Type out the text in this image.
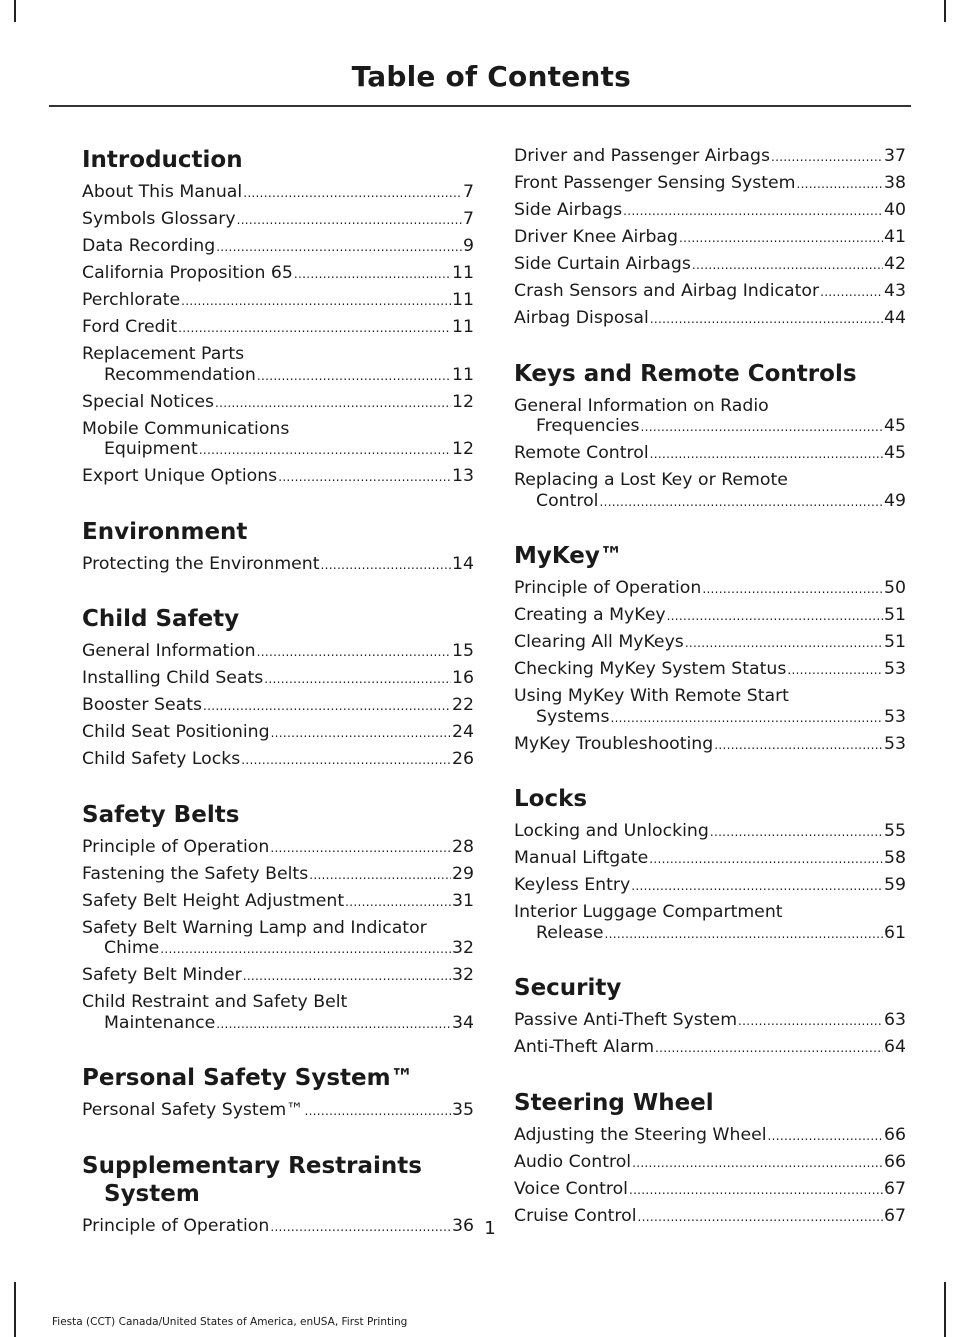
Table of Contents
Introduction
About This Manual .....	7
Symbols Glossary .....	7
Data Recording .....	9
California Proposition 65 .....	11
Perchlorate .....	11
Ford Credit .....	11
Replacement Parts
Recommendation .....	11
Special Notices .....	12
Mobile Communications
Equipment .....	12
Export Unique Options .....	13
Environment
Protecting the Environment .....	14
Child Safety
General Information .....	15
Installing Child Seats .....	16
Booster Seats .....	22
Child Seat Positioning .....	24
Child Safety Locks .....	26
Safety Belts
Principle of Operation .....	28
Fastening the Safety Belts .....	29
Safety Belt Height Adjustment .....	31
Safety Belt Warning Lamp and Indicator
Chime .....	32
Safety Belt Minder .....	32
Child Restraint and Safety Belt
Maintenance .....	34
Personal Safety System™
Personal Safety System™ .....	35
Supplementary Restraints
System
Principle of Operation .....	36
Driver and Passenger Airbags .....	37
Front Passenger Sensing System .....	38
Side Airbags .....	40
Driver Knee Airbag .....	41
Side Curtain Airbags .....	42
Crash Sensors and Airbag Indicator .....	43
Airbag Disposal .....	44
Keys and Remote Controls
General Information on Radio
Frequencies .....	45
Remote Control .....	45
Replacing a Lost Key or Remote
Control .....	49
MyKey™
Principle of Operation .....	50
Creating a MyKey .....	51
Clearing All MyKeys .....	51
Checking MyKey System Status .....	53
Using MyKey With Remote Start
Systems .....	53
MyKey Troubleshooting .....	53
Locks
Locking and Unlocking .....	55
Manual Liftgate .....	58
Keyless Entry .....	59
Interior Luggage Compartment
Release .....	61
Security
Passive Anti-Theft System .....	63
Anti-Theft Alarm .....	64
Steering Wheel
Adjusting the Steering Wheel .....	66
Audio Control .....	66
Voice Control .....	67
Cruise Control .....	67

1

Fiesta (CCT) Canada/United States of America, enUSA, First Printing
